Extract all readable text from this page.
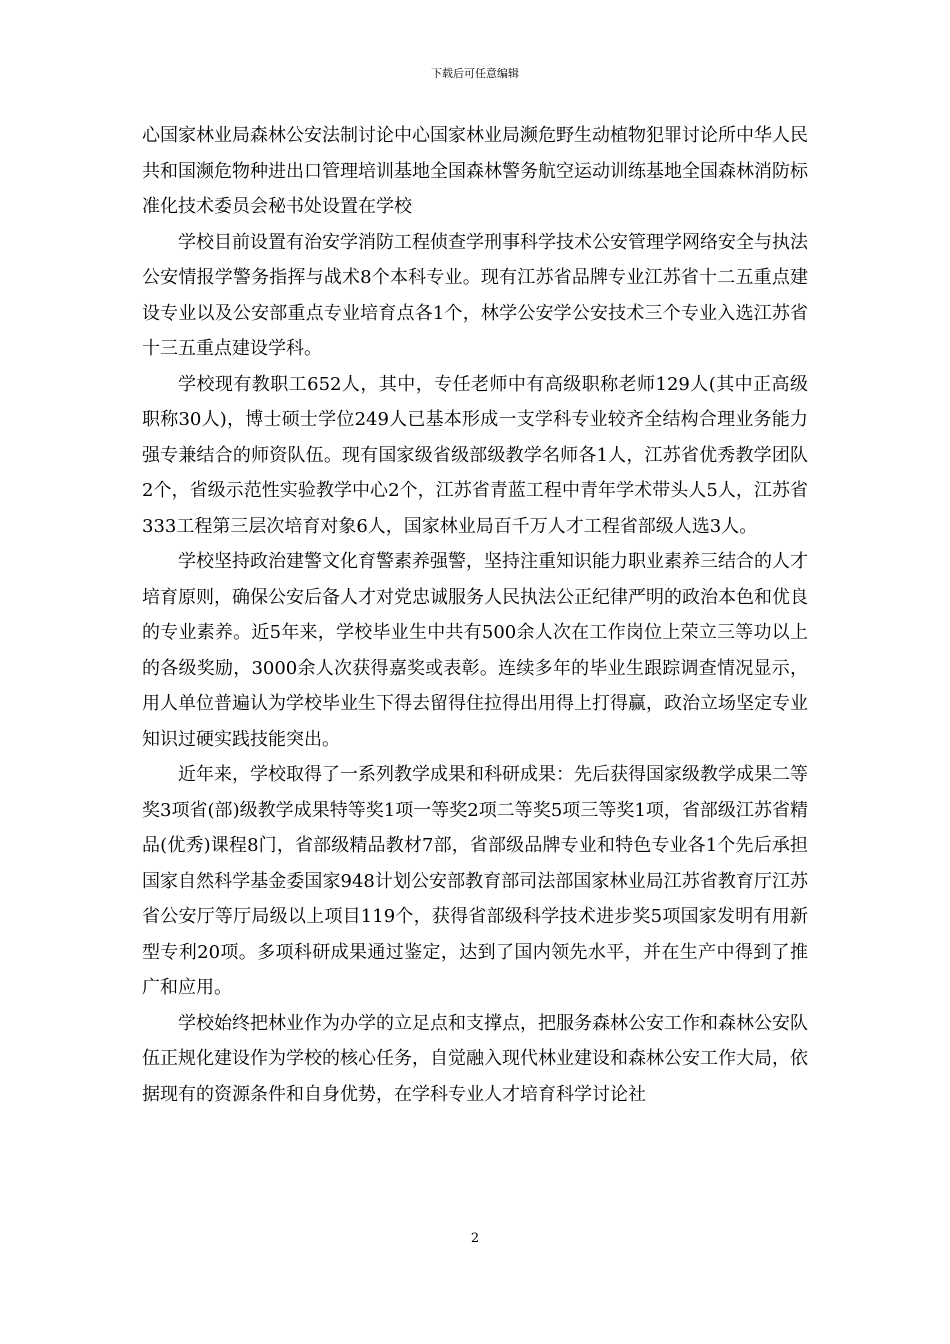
下载后可任意编辑

心国家林业局森林公安法制讨论中心国家林业局濒危野生动植物犯罪讨论所中华人民共和国濒危物种进出口管理培训基地全国森林警务航空运动训练基地全国森林消防标准化技术委员会秘书处设置在学校

学校目前设置有治安学消防工程侦查学刑事科学技术公安管理学网络安全与执法公安情报学警务指挥与战术8个本科专业。现有江苏省品牌专业江苏省十二五重点建设专业以及公安部重点专业培育点各1个，林学公安学公安技术三个专业入选江苏省十三五重点建设学科。

学校现有教职工652人，其中，专任老师中有高级职称老师129人(其中正高级职称30人)，博士硕士学位249人已基本形成一支学科专业较齐全结构合理业务能力强专兼结合的师资队伍。现有国家级省级部级教学名师各1人，江苏省优秀教学团队2个，省级示范性实验教学中心2个，江苏省青蓝工程中青年学术带头人5人，江苏省333工程第三层次培育对象6人，国家林业局百千万人才工程省部级人选3人。

学校坚持政治建警文化育警素养强警，坚持注重知识能力职业素养三结合的人才培育原则，确保公安后备人才对党忠诚服务人民执法公正纪律严明的政治本色和优良的专业素养。近5年来，学校毕业生中共有500余人次在工作岗位上荣立三等功以上的各级奖励，3000余人次获得嘉奖或表彰。连续多年的毕业生跟踪调查情况显示，用人单位普遍认为学校毕业生下得去留得住拉得出用得上打得赢，政治立场坚定专业知识过硬实践技能突出。

近年来，学校取得了一系列教学成果和科研成果：先后获得国家级教学成果二等奖3项省(部)级教学成果特等奖1项一等奖2项二等奖5项三等奖1项，省部级江苏省精品(优秀)课程8门，省部级精品教材7部，省部级品牌专业和特色专业各1个先后承担国家自然科学基金委国家948计划公安部教育部司法部国家林业局江苏省教育厅江苏省公安厅等厅局级以上项目119个，获得省部级科学技术进步奖5项国家发明有用新型专利20项。多项科研成果通过鉴定，达到了国内领先水平，并在生产中得到了推广和应用。

学校始终把林业作为办学的立足点和支撑点，把服务森林公安工作和森林公安队伍正规化建设作为学校的核心任务，自觉融入现代林业建设和森林公安工作大局，依据现有的资源条件和自身优势，在学科专业人才培育科学讨论社

2
